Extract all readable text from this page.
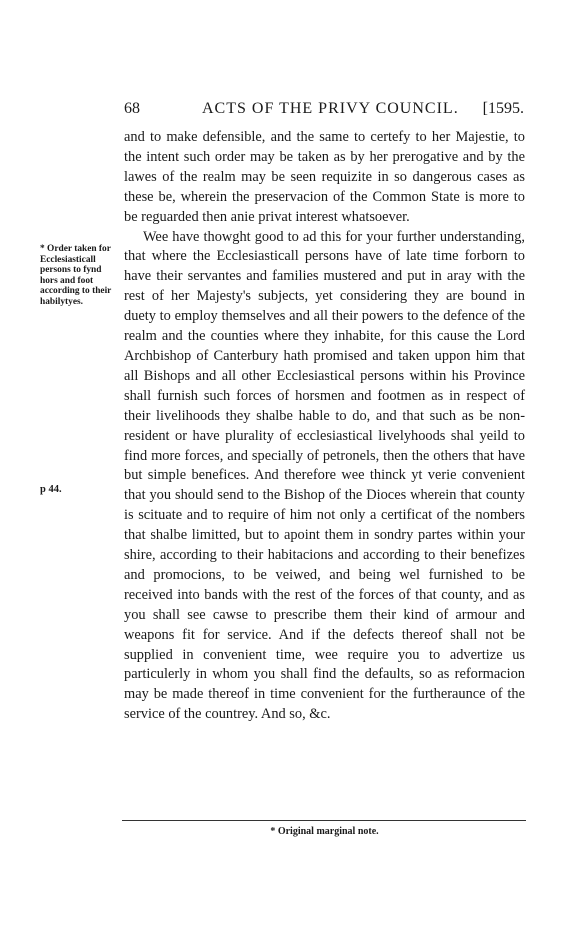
68	ACTS OF THE PRIVY COUNCIL. [1595.

and to make defensible, and the same to certefy to her Majestie, to the intent such order may be taken as by her prerogative and by the lawes of the realm may be seen requizite in so dangerous cases as these be, wherein the preservacion of the Common State is more to be reguarded then anie privat interest whatsoever.

Wee have thowght good to ad this for your further understanding, that where the Ecclesiasticall persons have of late time forborn to have their servantes and families mustered and put in aray with the rest of her Majesty's subjects, yet considering they are bound in duety to employ themselves and all their powers to the defence of the realm and the counties where they inhabite, for this cause the Lord Archbishop of Canterbury hath promised and taken uppon him that all Bishops and all other Ecclesiastical persons within his Province shall furnish such forces of horsmen and footmen as in respect of their livelihoods they shalbe hable to do, and that such as be non-resident or have plurality of ecclesiastical livelyhoods shal yeild to find more forces, and specially of petronels, then the others that have but simple benefices. And therefore wee thinck yt verie convenient that you should send to the Bishop of the Dioces wherein that county is scituate and to require of him not only a certificat of the nombers that shalbe limitted, but to apoint them in sondry partes within your shire, according to their habitacions and according to their benefizes and promocions, to be veiwed, and being wel furnished to be received into bands with the rest of the forces of that county, and as you shall see cawse to prescribe them their kind of armour and weapons fit for service. And if the defects thereof shall not be supplied in convenient time, wee require you to advertize us particulerly in whom you shall find the defaults, so as reformacion may be made thereof in time convenient for the furtheraunce of the service of the countrey. And so, &c.

* Order taken for Ecclesiasticall persons to fynd hors and foot according to their habilytyes.
p 44.
* Original marginal note.
